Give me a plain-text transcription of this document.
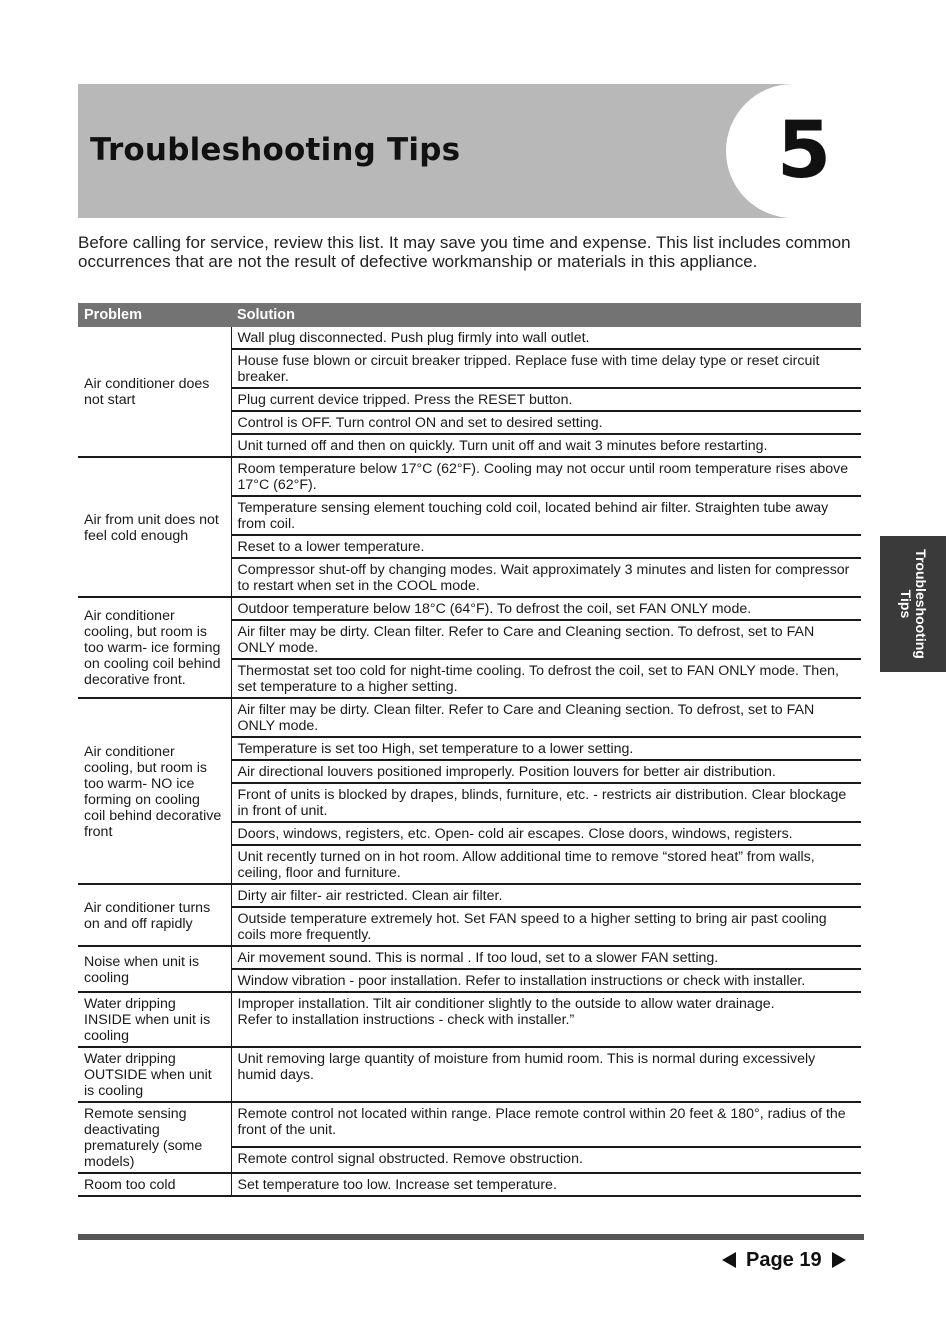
Troubleshooting Tips	5

Before calling for service, review this list. It may save you time and expense. This list includes common occurrences that are not the result of defective workmanship or materials in this appliance.

Problem	Solution
Air conditioner does not start	Wall plug disconnected. Push plug firmly into wall outlet.
	House fuse blown or circuit breaker tripped. Replace fuse with time delay type or reset circuit breaker.
	Plug current device tripped. Press the RESET button.
	Control is OFF. Turn control ON and set to desired setting.
	Unit turned off and then on quickly. Turn unit off and wait 3 minutes before restarting.
Air from unit does not feel cold enough	Room temperature below 17°C (62°F). Cooling may not occur until room temperature rises above 17°C (62°F).
	Temperature sensing element touching cold coil, located behind air filter. Straighten tube away from coil.
	Reset to a lower temperature.
	Compressor shut-off by changing modes. Wait approximately 3 minutes and listen for compressor to restart when set in the COOL mode.
Air conditioner cooling, but room is too warm- ice forming on cooling coil behind decorative front.	Outdoor temperature below 18°C (64°F). To defrost the coil, set FAN ONLY mode.
	Air filter may be dirty. Clean filter. Refer to Care and Cleaning section. To defrost, set to FAN ONLY mode.
	Thermostat set too cold for night-time cooling. To defrost the coil, set to FAN ONLY mode. Then, set temperature to a higher setting.
Air conditioner cooling, but room is too warm- NO ice forming on cooling coil behind decorative front	Air filter may be dirty. Clean filter. Refer to Care and Cleaning section. To defrost, set to FAN ONLY mode.
	Temperature is set too High, set temperature to a lower setting.
	Air directional louvers positioned improperly. Position louvers for better air distribution.
	Front of units is blocked by drapes, blinds, furniture, etc. - restricts air distribution. Clear blockage in front of unit.
	Doors, windows, registers, etc. Open- cold air escapes. Close doors, windows, registers.
	Unit recently turned on in hot room. Allow additional time to remove “stored heat” from walls, ceiling, floor and furniture.
Air conditioner turns on and off rapidly	Dirty air filter- air restricted. Clean air filter.
	Outside temperature extremely hot. Set FAN speed to a higher setting to bring air past cooling coils more frequently.
Noise when unit is cooling	Air movement sound. This is normal . If too loud, set to a slower FAN setting.
	Window vibration - poor installation. Refer to installation instructions or check with installer.
Water dripping INSIDE when unit is cooling	Improper installation. Tilt air conditioner slightly to the outside to allow water drainage.
Refer to installation instructions - check with installer.”
Water dripping OUTSIDE when unit is cooling	Unit removing large quantity of moisture from humid room. This is normal during excessively humid days.
Remote sensing deactivating prematurely (some models)	Remote control not located within range. Place remote control within 20 feet & 180°, radius of the front of the unit.
	Remote control signal obstructed. Remove obstruction.
Room too cold	Set temperature too low. Increase set temperature.
Troubleshooting
Tips
Page 19
